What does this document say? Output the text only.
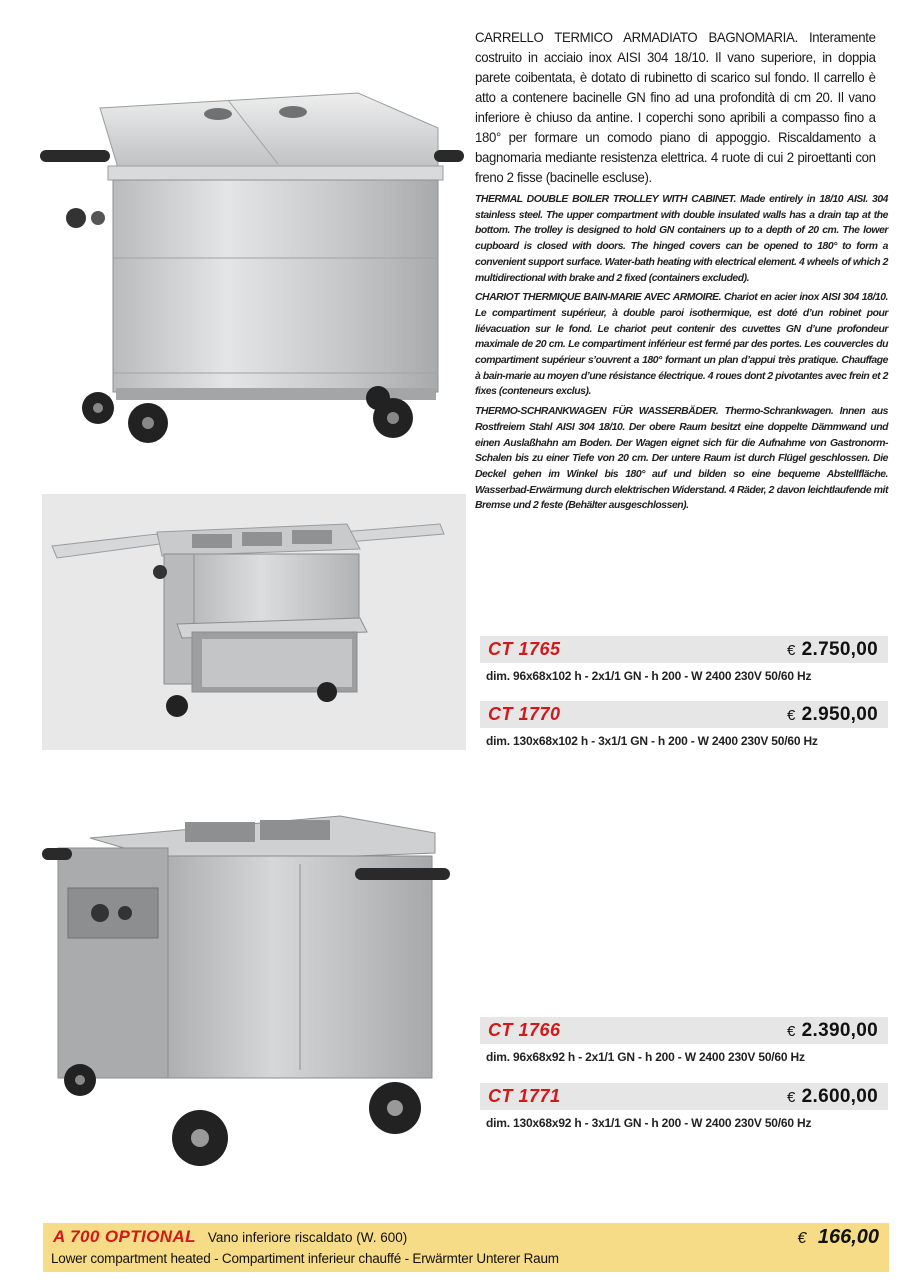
CARRELLO TERMICO ARMADIATO BAGNOMARIA. Interamente costruito in acciaio inox AISI 304 18/10. Il vano superiore, in doppia parete coibentata, è dotato di rubinetto di scarico sul fondo. Il carrello è atto a contenere bacinelle GN fino ad una profondità di cm 20. Il vano inferiore è chiuso da antine. I coperchi sono apribili a compasso fino a 180° per formare un comodo piano di appoggio. Riscaldamento a bagnomaria mediante resistenza elettrica. 4 ruote di cui 2 piroettanti con freno 2 fisse (bacinelle escluse).

THERMAL DOUBLE BOILER TROLLEY WITH CABINET. Made entirely in 18/10 AISI. 304 stainless steel. The upper compartment with double insulated walls has a drain tap at the bottom. The trolley is designed to hold GN containers up to a depth of 20 cm. The lower cupboard is closed with doors. The hinged covers can be opened to 180° to form a convenient support surface. Water-bath heating with electrical element. 4 wheels of which 2 multidirectional with brake and 2 fixed (containers excluded).

CHARIOT THERMIQUE BAIN-MARIE AVEC ARMOIRE. Chariot en acier inox AISI 304 18/10. Le compartiment supérieur, à double paroi isothermique, est doté d’un robinet pour liévacuation sur le fond. Le chariot peut contenir des cuvettes GN d’une profondeur maximale de 20 cm. Le compartiment inférieur est fermé par des portes. Les couvercles du compartiment supérieur s’ouvrent a 180° formant un plan d’appui très pratique. Chauffage à bain-marie au moyen d’une résistance électrique. 4 roues dont 2 pivotantes avec frein et 2 fixes (conteneurs exclus).

THERMO-SCHRANKWAGEN FÜR WASSERBÄDER. Thermo-Schrankwagen. Innen aus Rostfreiem Stahl AISI 304 18/10. Der obere Raum besitzt eine doppelte Dämmwand und einen Auslaßhahn am Boden. Der Wagen eignet sich für die Aufnahme von Gastronorm-Schalen bis zu einer Tiefe von 20 cm. Der untere Raum ist durch Flügel geschlossen. Die Deckel gehen im Winkel bis 180° auf und bilden so eine bequeme Abstellfläche. Wasserbad-Erwärmung durch elektrischen Widerstand. 4 Räder, 2 davon leichtlaufende mit Bremse und 2 feste (Behälter ausgeschlossen).

CT 1765	€ 2.750,00
dim. 96x68x102 h - 2x1/1 GN - h 200 - W 2400 230V 50/60 Hz
CT 1770	€ 2.950,00
dim. 130x68x102 h - 3x1/1 GN - h 200 - W 2400 230V 50/60 Hz
CT 1766	€ 2.390,00
dim. 96x68x92 h - 2x1/1 GN - h 200 - W 2400 230V 50/60 Hz
CT 1771	€ 2.600,00
dim. 130x68x92 h - 3x1/1 GN - h 200 - W 2400 230V 50/60 Hz
A 700 OPTIONAL Vano inferiore riscaldato (W. 600)
Lower compartment heated - Compartiment inferieur chauffé - Erwärmter Unterer Raum
€ 166,00
